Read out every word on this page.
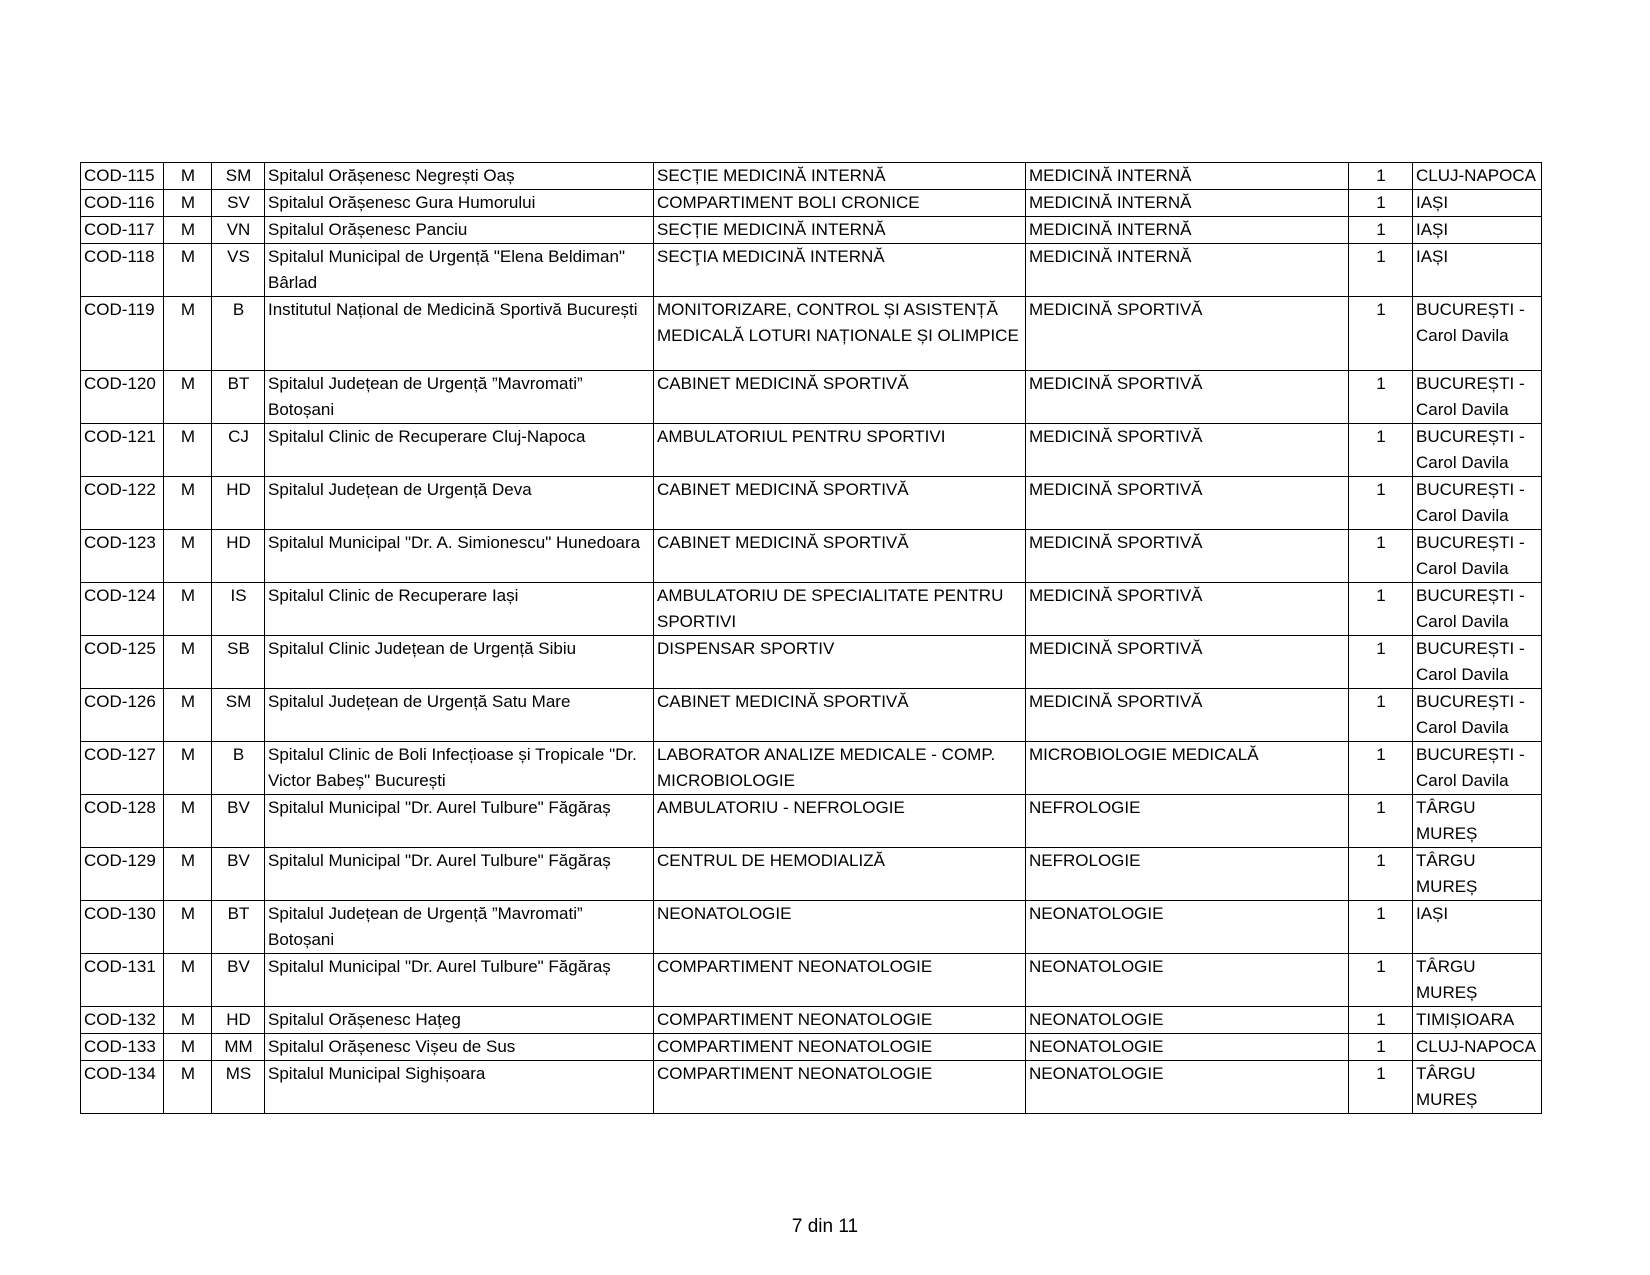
COD-115	M	SM	Spitalul Orășenesc Negrești Oaș	SECȚIE MEDICINĂ INTERNĂ	MEDICINĂ INTERNĂ	1	CLUJ-NAPOCA
COD-116	M	SV	Spitalul Orășenesc Gura Humorului	COMPARTIMENT BOLI CRONICE	MEDICINĂ INTERNĂ	1	IAȘI
COD-117	M	VN	Spitalul Orășenesc Panciu	SECȚIE MEDICINĂ INTERNĂ	MEDICINĂ INTERNĂ	1	IAȘI
COD-118	M	VS	Spitalul Municipal de Urgență "Elena Beldiman" Bârlad	SECŢIA MEDICINĂ INTERNĂ	MEDICINĂ INTERNĂ	1	IAȘI
COD-119	M	B	Institutul Național de Medicină Sportivă București	MONITORIZARE, CONTROL ȘI ASISTENȚĂ MEDICALĂ LOTURI NAȚIONALE ȘI OLIMPICE	MEDICINĂ SPORTIVĂ	1	BUCUREȘTI - Carol Davila
COD-120	M	BT	Spitalul Județean de Urgență ”Mavromati” Botoșani	CABINET MEDICINĂ SPORTIVĂ	MEDICINĂ SPORTIVĂ	1	BUCUREȘTI - Carol Davila
COD-121	M	CJ	Spitalul Clinic de Recuperare Cluj-Napoca	AMBULATORIUL PENTRU SPORTIVI	MEDICINĂ SPORTIVĂ	1	BUCUREȘTI - Carol Davila
COD-122	M	HD	Spitalul Județean de Urgență Deva	CABINET MEDICINĂ SPORTIVĂ	MEDICINĂ SPORTIVĂ	1	BUCUREȘTI - Carol Davila
COD-123	M	HD	Spitalul Municipal "Dr. A. Simionescu" Hunedoara	CABINET MEDICINĂ SPORTIVĂ	MEDICINĂ SPORTIVĂ	1	BUCUREȘTI - Carol Davila
COD-124	M	IS	Spitalul Clinic de Recuperare Iași	AMBULATORIU DE SPECIALITATE PENTRU SPORTIVI	MEDICINĂ SPORTIVĂ	1	BUCUREȘTI - Carol Davila
COD-125	M	SB	Spitalul Clinic Județean de Urgență Sibiu	DISPENSAR SPORTIV	MEDICINĂ SPORTIVĂ	1	BUCUREȘTI - Carol Davila
COD-126	M	SM	Spitalul Județean de Urgență Satu Mare	CABINET MEDICINĂ SPORTIVĂ	MEDICINĂ SPORTIVĂ	1	BUCUREȘTI - Carol Davila
COD-127	M	B	Spitalul Clinic de Boli Infecțioase și Tropicale "Dr. Victor Babeș" București	LABORATOR ANALIZE MEDICALE - COMP. MICROBIOLOGIE	MICROBIOLOGIE MEDICALĂ	1	BUCUREȘTI - Carol Davila
COD-128	M	BV	Spitalul Municipal "Dr. Aurel Tulbure" Făgăraș	AMBULATORIU - NEFROLOGIE	NEFROLOGIE	1	TÂRGU MUREȘ
COD-129	M	BV	Spitalul Municipal "Dr. Aurel Tulbure" Făgăraș	CENTRUL DE HEMODIALIZĂ	NEFROLOGIE	1	TÂRGU MUREȘ
COD-130	M	BT	Spitalul Județean de Urgență ”Mavromati” Botoșani	NEONATOLOGIE	NEONATOLOGIE	1	IAȘI
COD-131	M	BV	Spitalul Municipal "Dr. Aurel Tulbure" Făgăraș	COMPARTIMENT NEONATOLOGIE	NEONATOLOGIE	1	TÂRGU MUREȘ
COD-132	M	HD	Spitalul Orășenesc Hațeg	COMPARTIMENT NEONATOLOGIE	NEONATOLOGIE	1	TIMIȘIOARA
COD-133	M	MM	Spitalul Orășenesc Vișeu de Sus	COMPARTIMENT NEONATOLOGIE	NEONATOLOGIE	1	CLUJ-NAPOCA
COD-134	M	MS	Spitalul Municipal Sighișoara	COMPARTIMENT NEONATOLOGIE	NEONATOLOGIE	1	TÂRGU MUREȘ
7 din 11
